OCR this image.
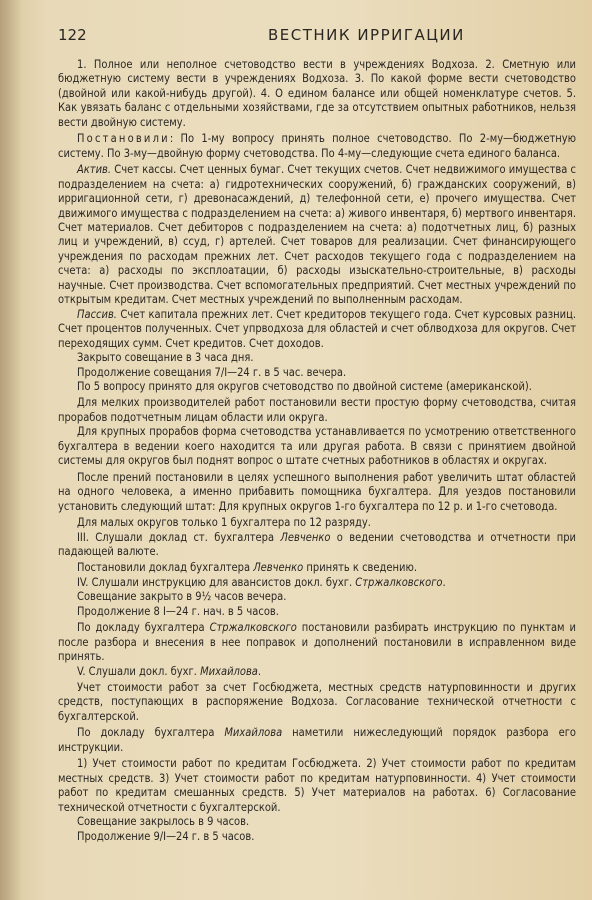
122	ВЕСТНИК ИРРИГАЦИИ

1. Полное или неполное счетоводство вести в учреждениях Водхоза. 2. Сметную или бюджетную систему вести в учреждениях Водхоза. 3. По какой форме вести счетоводство (двойной или какой-нибудь другой). 4. О едином балансе или общей номенклатуре счетов. 5. Как увязать баланс с отдельными хозяйствами, где за отсутствием опытных работников, нельзя вести двойную систему.

Постановили: По 1-му вопросу принять полное счетоводство. По 2-му—бюджетную систему. По 3-му—двойную форму счетоводства. По 4-му—следующие счета единого баланса.

Актив. Счет кассы. Счет ценных бумаг. Счет текущих счетов. Счет недвижимого имущества с подразделением на счета: а) гидротехнических сооружений, б) гражданских сооружений, в) ирригационной сети, г) древонасаждений, д) телефонной сети, е) прочего имущества. Счет движимого имущества с подразделением на счета: а) живого инвентаря, б) мертвого инвентаря. Счет материалов. Счет дебиторов с подразделением на счета: а) подотчетных лиц, б) разных лиц и учреждений, в) ссуд, г) артелей. Счет товаров для реализации. Счет финансирующего учреждения по расходам прежних лет. Счет расходов текущего года с подразделением на счета: а) расходы по эксплоатации, б) расходы изыскательно-строительные, в) расходы научные. Счет производства. Счет вспомогательных предприятий. Счет местных учреждений по открытым кредитам. Счет местных учреждений по выполненным расходам.

Пассив. Счет капитала прежних лет. Счет кредиторов текущего года. Счет курсовых разниц. Счет процентов полученных. Счет упрводхоза для областей и счет облводхоза для округов. Счет переходящих сумм. Счет кредитов. Счет доходов.

Закрыто совещание в 3 часа дня.

Продолжение совещания 7/I—24 г. в 5 час. вечера.

По 5 вопросу принято для округов счетоводство по двойной системе (американской).

Для мелких производителей работ постановили вести простую форму счетоводства, считая прорабов подотчетным лицам области или округа.

Для крупных прорабов форма счетоводства устанавливается по усмотрению ответственного бухгалтера в ведении коего находится та или другая работа. В связи с принятием двойной системы для округов был поднят вопрос о штате счетных работников в областях и округах.

После прений постановили в целях успешного выполнения работ увеличить штат областей на одного человека, а именно прибавить помощника бухгалтера. Для уездов постановили установить следующий штат: Для крупных округов 1-го бухгалтера по 12 р. и 1-го счетовода.

Для малых округов только 1 бухгалтера по 12 разряду.

III. Слушали доклад ст. бухгалтера Левченко о ведении счетоводства и отчетности при падающей валюте.

Постановили доклад бухгалтера Левченко принять к сведению.

IV. Слушали инструкцию для авансистов докл. бухг. Стржалковского.

Совещание закрыто в 9½ часов вечера.

Продолжение 8 I—24 г. нач. в 5 часов.

По докладу бухгалтера Стржалковского постановили разбирать инструкцию по пунктам и после разбора и внесения в нее поправок и дополнений постановили в исправленном виде принять.

V. Слушали докл. бухг. Михайлова.

Учет стоимости работ за счет Госбюджета, местных средств натурповинности и других средств, поступающих в распоряжение Водхоза. Согласование технической отчетности с бухгалтерской.

По докладу бухгалтера Михайлова наметили нижеследующий порядок разбора его инструкции.

1) Учет стоимости работ по кредитам Госбюджета. 2) Учет стоимости работ по кредитам местных средств. 3) Учет стоимости работ по кредитам натурповинности. 4) Учет стоимости работ по кредитам смешанных средств. 5) Учет материалов на работах. 6) Согласование технической отчетности с бухгалтерской.

Совещание закрылось в 9 часов.

Продолжение 9/I—24 г. в 5 часов.
